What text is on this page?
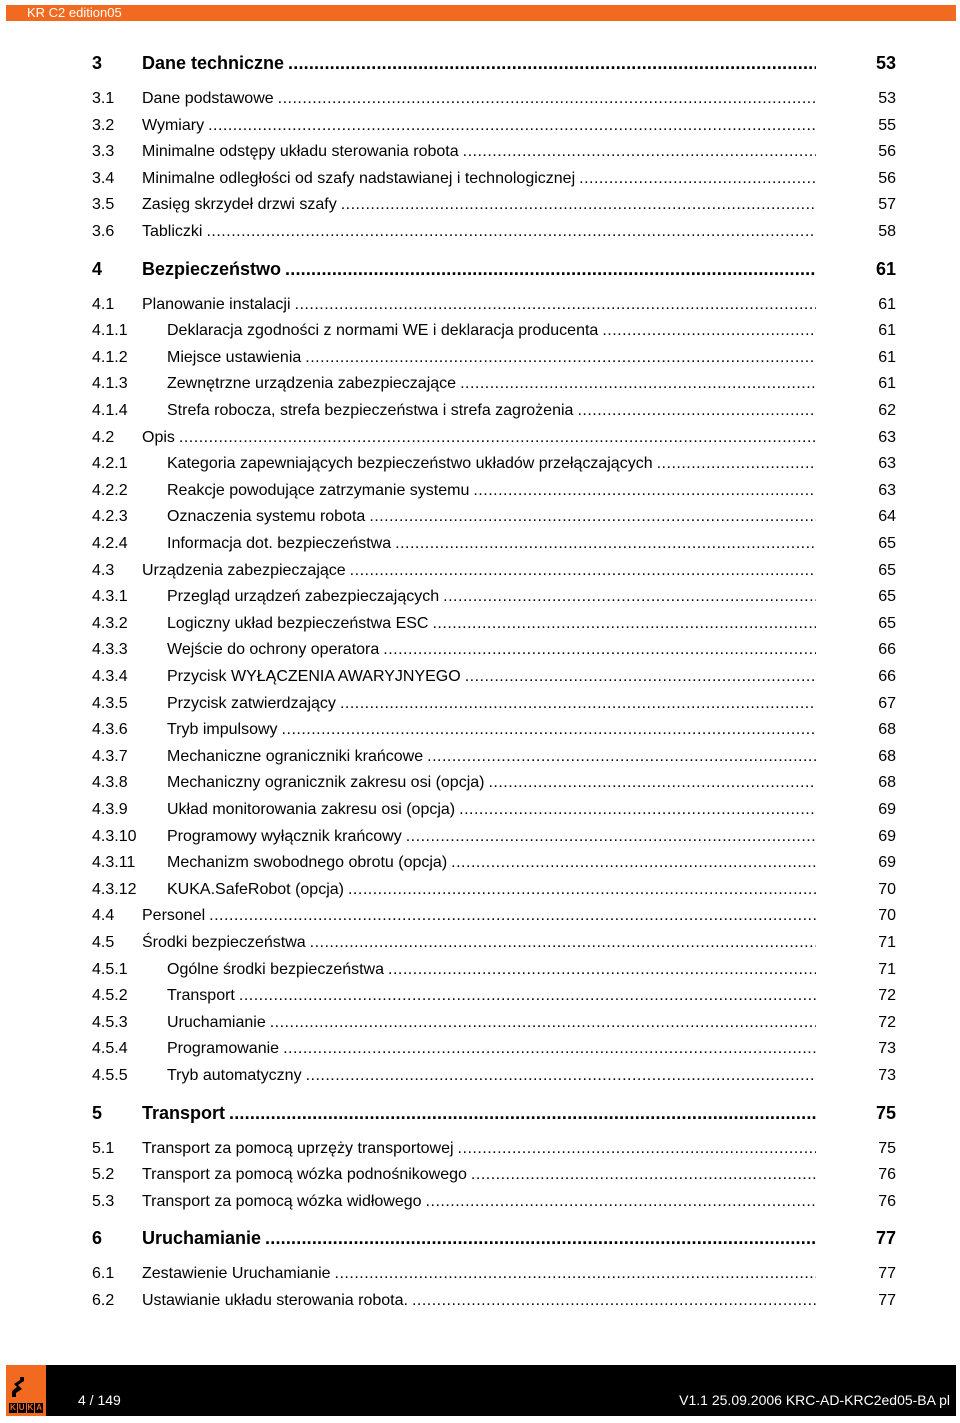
KR C2 edition05
3 Dane techniczne .....	53
3.1 Dane podstawowe .....	53
3.2 Wymiary .....	55
3.3 Minimalne odstępy układu sterowania robota .....	56
3.4 Minimalne odległości od szafy nadstawianej i technologicznej .....	56
3.5 Zasięg skrzydeł drzwi szafy .....	57
3.6 Tabliczki .....	58
4 Bezpieczeństwo .....	61
4.1 Planowanie instalacji .....	61
4.1.1 Deklaracja zgodności z normami WE i deklaracja producenta .....	61
4.1.2 Miejsce ustawienia .....	61
4.1.3 Zewnętrzne urządzenia zabezpieczające .....	61
4.1.4 Strefa robocza, strefa bezpieczeństwa i strefa zagrożenia .....	62
4.2 Opis .....	63
4.2.1 Kategoria zapewniających bezpieczeństwo układów przełączających .....	63
4.2.2 Reakcje powodujące zatrzymanie systemu .....	63
4.2.3 Oznaczenia systemu robota .....	64
4.2.4 Informacja dot. bezpieczeństwa .....	65
4.3 Urządzenia zabezpieczające .....	65
4.3.1 Przegląd urządzeń zabezpieczających .....	65
4.3.2 Logiczny układ bezpieczeństwa ESC .....	65
4.3.3 Wejście do ochrony operatora .....	66
4.3.4 Przycisk WYŁĄCZENIA AWARYJNYEGO .....	66
4.3.5 Przycisk zatwierdzający .....	67
4.3.6 Tryb impulsowy .....	68
4.3.7 Mechaniczne ograniczniki krańcowe .....	68
4.3.8 Mechaniczny ogranicznik zakresu osi (opcja) .....	68
4.3.9 Układ monitorowania zakresu osi (opcja) .....	69
4.3.10 Programowy wyłącznik krańcowy .....	69
4.3.11 Mechanizm swobodnego obrotu (opcja) .....	69
4.3.12 KUKA.SafeRobot (opcja) .....	70
4.4 Personel .....	70
4.5 Środki bezpieczeństwa .....	71
4.5.1 Ogólne środki bezpieczeństwa .....	71
4.5.2 Transport .....	72
4.5.3 Uruchamianie .....	72
4.5.4 Programowanie .....	73
4.5.5 Tryb automatyczny .....	73
5 Transport .....	75
5.1 Transport za pomocą uprzęży transportowej .....	75
5.2 Transport za pomocą wózka podnośnikowego .....	76
5.3 Transport za pomocą wózka widłowego .....	76
6 Uruchamianie .....	77
6.1 Zestawienie Uruchamianie .....	77
6.2 Ustawianie układu sterowania robota. .....	77
K U K A	4 / 149	V1.1 25.09.2006 KRC-AD-KRC2ed05-BA pl
